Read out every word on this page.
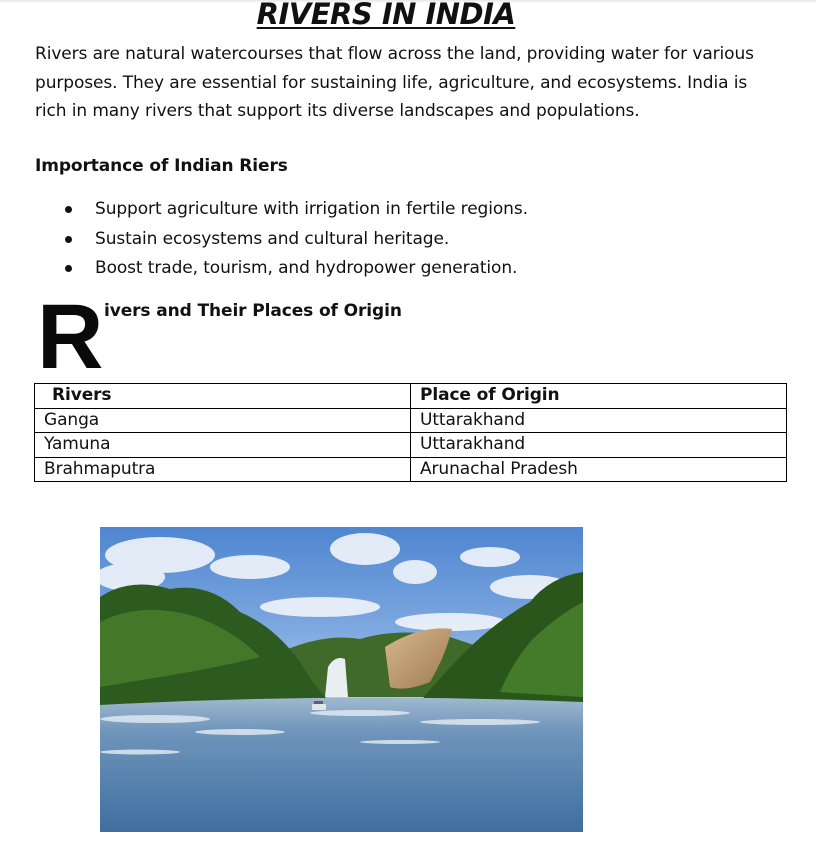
RIVERS IN INDIA

Rivers are natural watercourses that flow across the land, providing water for various purposes. They are essential for sustaining life, agriculture, and ecosystems. India is rich in many rivers that support its diverse landscapes and populations.

Importance of Indian Riers
Support agriculture with irrigation in fertile regions.
Sustain ecosystems and cultural heritage.
Boost trade, tourism, and hydropower generation.
R ivers and Their Places of Origin
Rivers	Place of Origin
Ganga	Uttarakhand
Yamuna	Uttarakhand
Brahmaputra	Arunachal Pradesh
